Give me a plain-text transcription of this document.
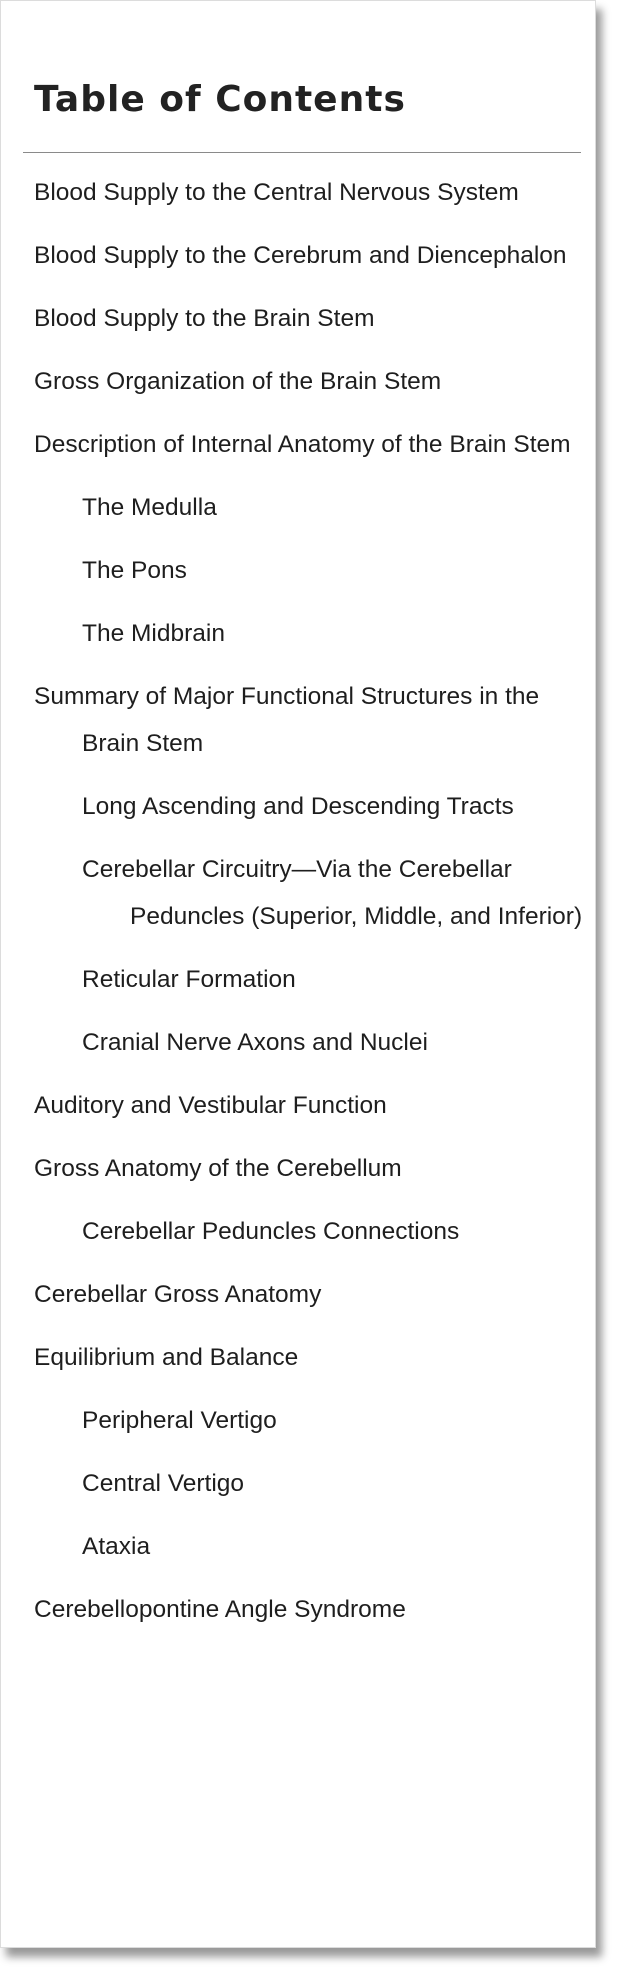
Table of Contents
Blood Supply to the Central Nervous System
Blood Supply to the Cerebrum and Diencephalon
Blood Supply to the Brain Stem
Gross Organization of the Brain Stem
Description of Internal Anatomy of the Brain Stem
The Medulla
The Pons
The Midbrain
Summary of Major Functional Structures in the Brain Stem
Long Ascending and Descending Tracts
Cerebellar Circuitry—Via the Cerebellar Peduncles (Superior, Middle, and Inferior)
Reticular Formation
Cranial Nerve Axons and Nuclei
Auditory and Vestibular Function
Gross Anatomy of the Cerebellum
Cerebellar Peduncles Connections
Cerebellar Gross Anatomy
Equilibrium and Balance
Peripheral Vertigo
Central Vertigo
Ataxia
Cerebellopontine Angle Syndrome
